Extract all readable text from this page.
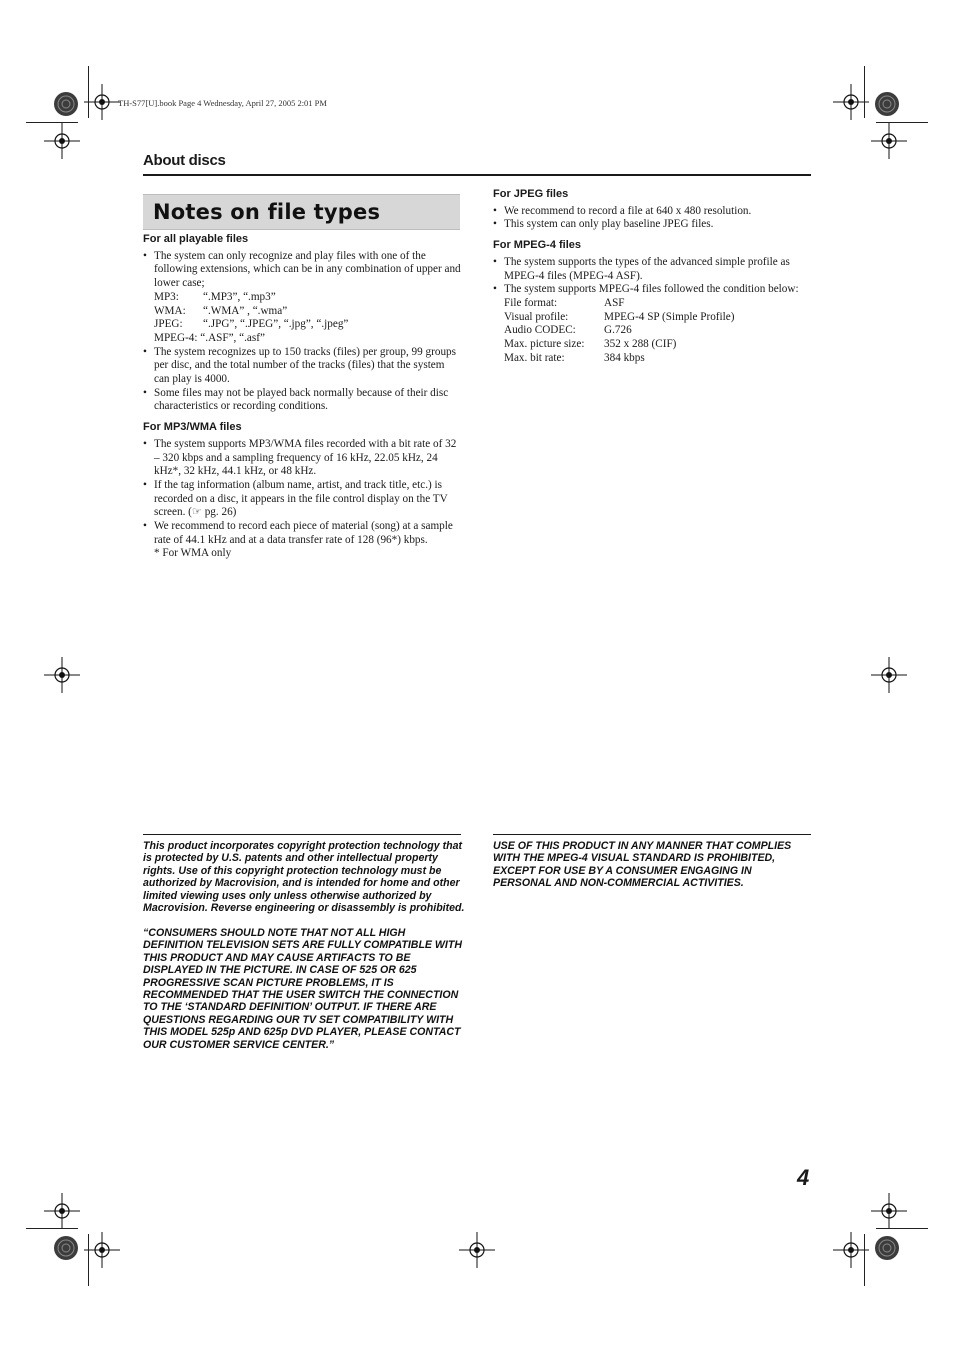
TH-S77[U].book Page 4 Wednesday, April 27, 2005 2:01 PM
About discs
Notes on file types
For all playable files
• The system can only recognize and play files with one of the following extensions, which can be in any combination of upper and lower case;
MP3:	“.MP3”, “.mp3”
WMA:	“.WMA” , “.wma”
JPEG:	“.JPG”, “.JPEG”, “.jpg”, “.jpeg”
MPEG-4: “.ASF”, “.asf”
• The system recognizes up to 150 tracks (files) per group, 99 groups per disc, and the total number of the tracks (files) that the system can play is 4000.
• Some files may not be played back normally because of their disc characteristics or recording conditions.
For MP3/WMA files
• The system supports MP3/WMA files recorded with a bit rate of 32 – 320 kbps and a sampling frequency of 16 kHz, 22.05 kHz, 24 kHz*, 32 kHz, 44.1 kHz, or 48 kHz.
• If the tag information (album name, artist, and track title, etc.) is recorded on a disc, it appears in the file control display on the TV screen. (☞ pg. 26)
• We recommend to record each piece of material (song) at a sample rate of 44.1 kHz and at a data transfer rate of 128 (96*) kbps.
* For WMA only
For JPEG files
• We recommend to record a file at 640 x 480 resolution.
• This system can only play baseline JPEG files.
For MPEG-4 files
• The system supports the types of the advanced simple profile as MPEG-4 files (MPEG-4 ASF).
• The system supports MPEG-4 files followed the condition below:
File format:	ASF
Visual profile:	MPEG-4 SP (Simple Profile)
Audio CODEC:	G.726
Max. picture size:	352 x 288 (CIF)
Max. bit rate:	384 kbps

This product incorporates copyright protection technology that is protected by U.S. patents and other intellectual property rights. Use of this copyright protection technology must be authorized by Macrovision, and is intended for home and other limited viewing uses only unless otherwise authorized by Macrovision. Reverse engineering or disassembly is prohibited.

“CONSUMERS SHOULD NOTE THAT NOT ALL HIGH DEFINITION TELEVISION SETS ARE FULLY COMPATIBLE WITH THIS PRODUCT AND MAY CAUSE ARTIFACTS TO BE DISPLAYED IN THE PICTURE. IN CASE OF 525 OR 625 PROGRESSIVE SCAN PICTURE PROBLEMS, IT IS RECOMMENDED THAT THE USER SWITCH THE CONNECTION TO THE ‘STANDARD DEFINITION’ OUTPUT. IF THERE ARE QUESTIONS REGARDING OUR TV SET COMPATIBILITY WITH THIS MODEL 525p AND 625p DVD PLAYER, PLEASE CONTACT OUR CUSTOMER SERVICE CENTER.”

USE OF THIS PRODUCT IN ANY MANNER THAT COMPLIES WITH THE MPEG-4 VISUAL STANDARD IS PROHIBITED, EXCEPT FOR USE BY A CONSUMER ENGAGING IN PERSONAL AND NON-COMMERCIAL ACTIVITIES.

4
